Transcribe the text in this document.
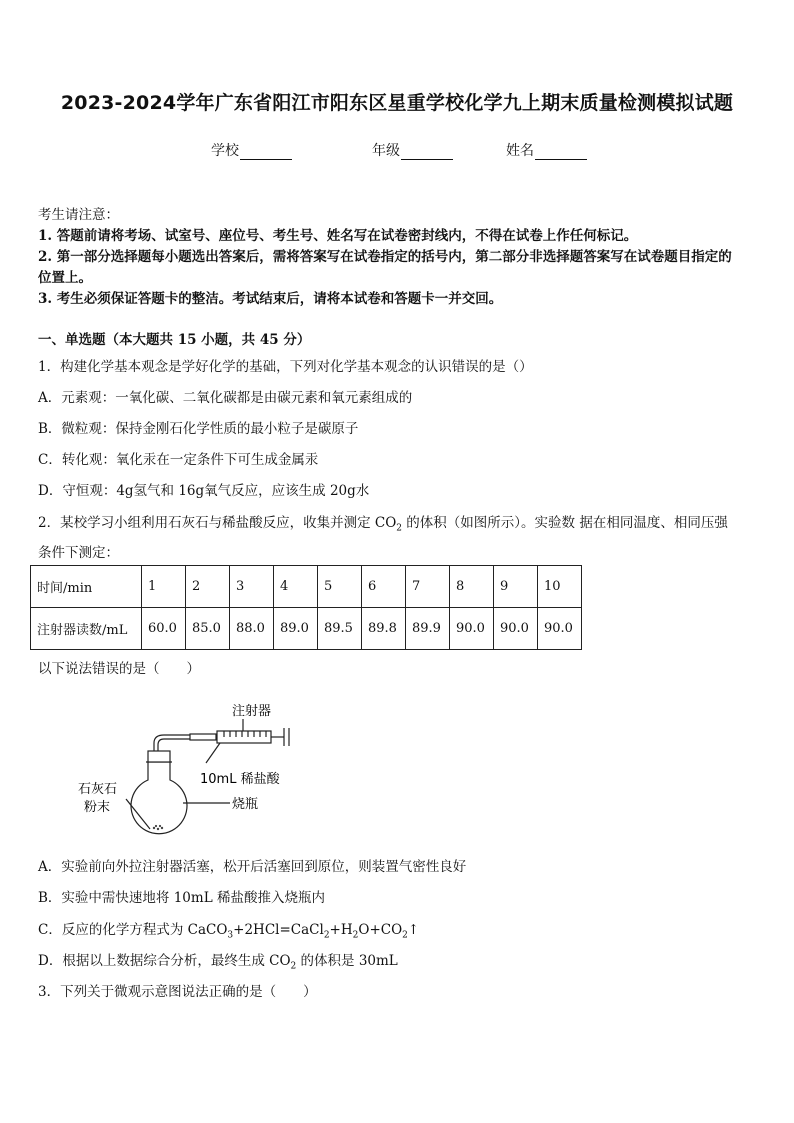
2023-2024学年广东省阳江市阳东区星重学校化学九上期末质量检测模拟试题
学校	年级	姓名
考生请注意：
1. 答题前请将考场、试室号、座位号、考生号、姓名写在试卷密封线内，不得在试卷上作任何标记。
2. 第一部分选择题每小题选出答案后，需将答案写在试卷指定的括号内，第二部分非选择题答案写在试卷题目指定的
位置上。
3. 考生必须保证答题卡的整洁。考试结束后，请将本试卷和答题卡一并交回。
一、单选题（本大题共 15 小题，共 45 分）
1．构建化学基本观念是学好化学的基础，下列对化学基本观念的认识错误的是（）
A．元素观：一氧化碳、二氧化碳都是由碳元素和氧元素组成的
B．微粒观：保持金刚石化学性质的最小粒子是碳原子
C．转化观：氧化汞在一定条件下可生成金属汞
D．守恒观：4g氢气和 16g氧气反应，应该生成 20g水
2．某校学习小组利用石灰石与稀盐酸反应，收集并测定 $CO_2$ 的体积（如图所示）。实验数 据在相同温度、相同压强
条件下测定：
时间/min	1	2	3	4	5	6	7	8	9	10
注射器读数/mL	60.0	85.0	88.0	89.0	89.5	89.8	89.9	90.0	90.0	90.0
以下说法错误的是（　　）
注射器
10mL 稀盐酸
石灰石
粉末	烧瓶
A．实验前向外拉注射器活塞，松开后活塞回到原位，则装置气密性良好
B．实验中需快速地将 10mL 稀盐酸推入烧瓶内
C．反应的化学方程式为 $CaCO_3+2HCl=CaCl_2+H_2O+CO_2↑$
D．根据以上数据综合分析，最终生成 $CO_2$ 的体积是 30mL
3．下列关于微观示意图说法正确的是（　　）
